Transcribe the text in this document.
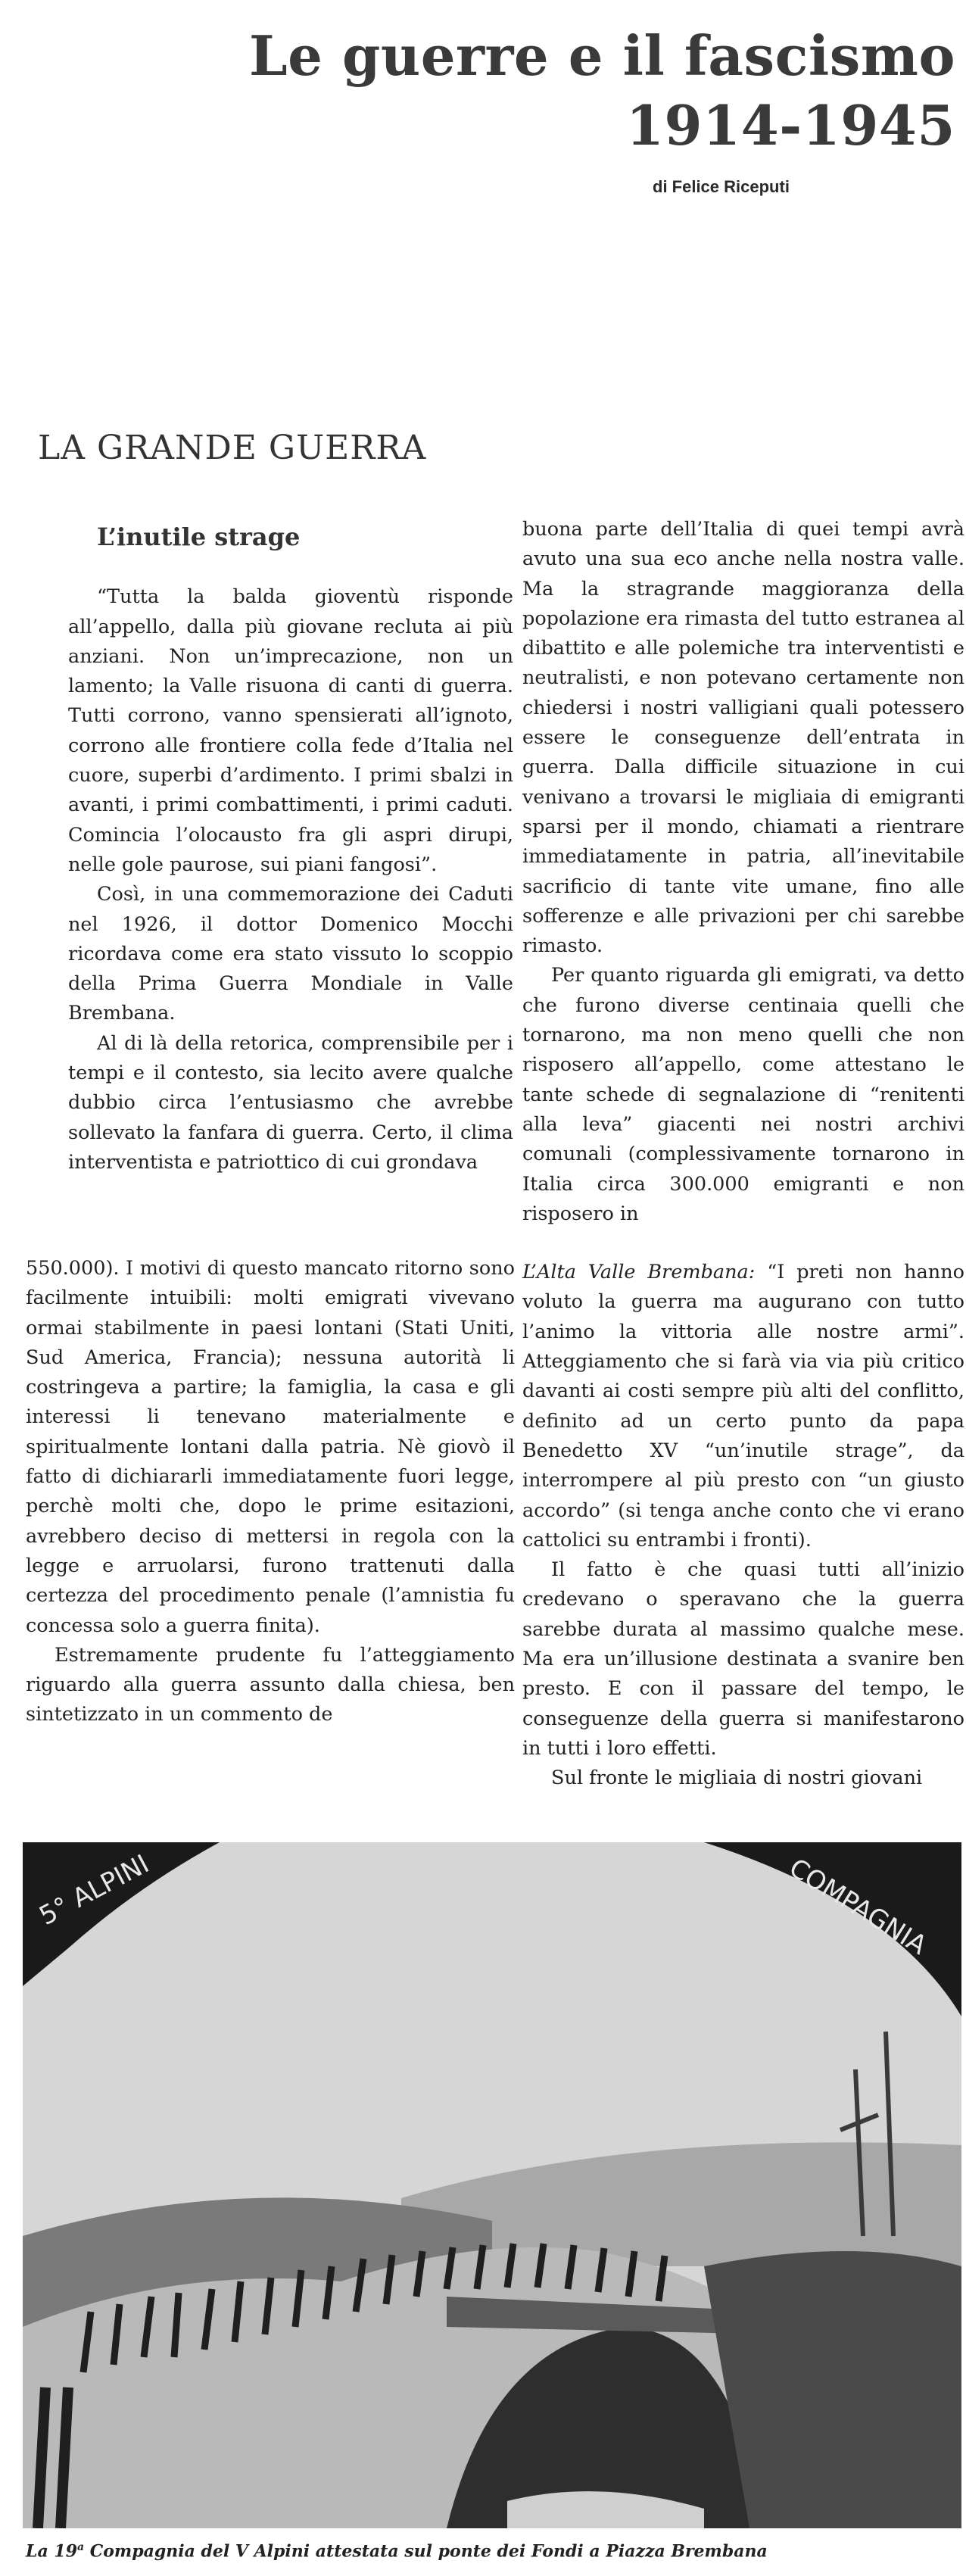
Le guerre e il fascismo
1914-1945
di Felice Riceputi
LA GRANDE GUERRA

L’inutile strage

“Tutta la balda gioventù risponde all’appello, dalla più giovane recluta ai più anziani. Non un’imprecazione, non un lamento; la Valle risuona di canti di guerra. Tutti corrono, vanno spensierati all’ignoto, corrono alle frontiere colla fede d’Italia nel cuore, superbi d’ardimento. I primi sbalzi in avanti, i primi combattimenti, i primi caduti. Comincia l’olocausto fra gli aspri dirupi, nelle gole paurose, sui piani fangosi”.

Così, in una commemorazione dei Caduti nel 1926, il dottor Domenico Mocchi ricordava come era stato vissuto lo scoppio della Prima Guerra Mondiale in Valle Brembana.

Al di là della retorica, comprensibile per i tempi e il contesto, sia lecito avere qualche dubbio circa l’entusiasmo che avrebbe sollevato la fanfara di guerra. Certo, il clima interventista e patriottico di cui grondava

550.000). I motivi di questo mancato ritorno sono facilmente intuibili: molti emigrati vivevano ormai stabilmente in paesi lontani (Stati Uniti, Sud America, Francia); nessuna autorità li costringeva a partire; la famiglia, la casa e gli interessi li tenevano materialmente e spiritualmente lontani dalla patria. Nè giovò il fatto di dichiararli immediatamente fuori legge, perchè molti che, dopo le prime esitazioni, avrebbero deciso di mettersi in regola con la legge e arruolarsi, furono trattenuti dalla certezza del procedimento penale (l’amnistia fu concessa solo a guerra finita).

Estremamente prudente fu l’atteggiamento riguardo alla guerra assunto dalla chiesa, ben sintetizzato in un commento de

buona parte dell’Italia di quei tempi avrà avuto una sua eco anche nella nostra valle. Ma la stragrande maggioranza della popolazione era rimasta del tutto estranea al dibattito e alle polemiche tra interventisti e neutralisti, e non potevano certamente non chiedersi i nostri valligiani quali potessero essere le conseguenze dell’entrata in guerra. Dalla difficile situazione in cui venivano a trovarsi le migliaia di emigranti sparsi per il mondo, chiamati a rientrare immediatamente in patria, all’inevitabile sacrificio di tante vite umane, fino alle sofferenze e alle privazioni per chi sarebbe rimasto.

Per quanto riguarda gli emigrati, va detto che furono diverse centinaia quelli che tornarono, ma non meno quelli che non risposero all’appello, come attestano le tante schede di segnalazione di “renitenti alla leva” giacenti nei nostri archivi comunali (complessivamente tornarono in Italia circa 300.000 emigranti e non risposero in

L’Alta Valle Brembana: “I preti non hanno voluto la guerra ma augurano con tutto l’animo la vittoria alle nostre armi”. Atteggiamento che si farà via via più critico davanti ai costi sempre più alti del conflitto, definito ad un certo punto da papa Benedetto XV “un’inutile strage”, da interrompere al più presto con “un giusto accordo” (si tenga anche conto che vi erano cattolici su entrambi i fronti).

Il fatto è che quasi tutti all’inizio credevano o speravano che la guerra sarebbe durata al massimo qualche mese. Ma era un’illusione destinata a svanire ben presto. E con il passare del tempo, le conseguenze della guerra si manifestarono in tutti i loro effetti.

Sul fronte le migliaia di nostri giovani

5° ALPINI	COMPAGNIA
La 19$^a$ Compagnia del V Alpini attestata sul ponte dei Fondi a Piazza Brembana
